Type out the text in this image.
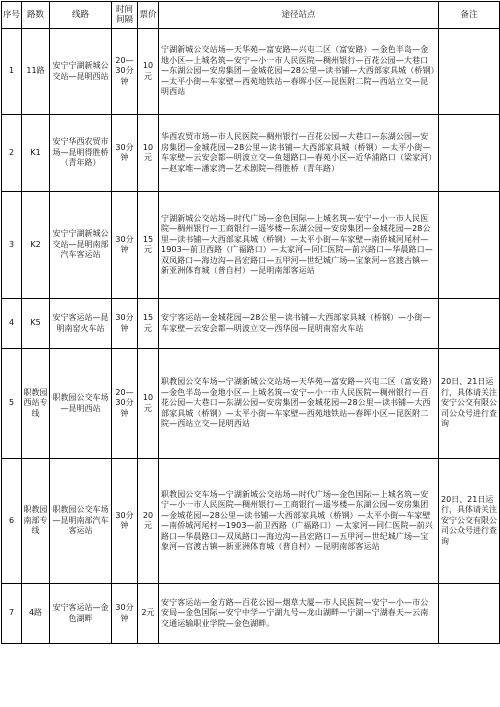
序号	路数	线路	时间间隔	票价	途径站点	备注
1	11路	安宁宁湖新城公交站—昆明西站	20—30分钟	10元	宁湖新城公交站场—天华苑—富安路—兴屯二区（富安路）—金色半岛—金地小区—上城名筑—安宁—小一市人民医院—稠州银行—百花公园—大巷口—东湖公园—安房集团—金城花园—28公里—读书铺—大西部家具城（桥钢）—太平小街—车家壁—西苑地铁站—春晖小区—昆医附二院—西站立交—昆明西站	
2	K1	安宁华西农贸市场—昆明得胜桥（青年路）	30分钟	10元	华西农贸市场—市人民医院—稠州银行—百花公园—大巷口—东湖公园—安房集团—金城花园—28公里—读书铺—大西部家具城（桥钢）—太平小街—车家壁—云安会都—明波立交—鱼翅路口—春苑小区—近华浦路口（梁家河）—赵家堆—潘家湾—艺术剧院—得胜桥（青年路）	
3	K2	安宁宁湖新城公交站—昆明南部汽车客运站	30分钟	15元	宁湖新城公交站场—时代广场—金色国际—上城名筑—安宁—小一市人民医院—稠州银行—工商银行—遥岑楼—东湖公园—安房集团—金城花园—28公里—读书铺—大西部家具城（桥钢）—太平小街—车家壁—南侨城河尾村—1903—前卫西路（广福路口）—太家河—同仁医院—前兴路口—华晨路口—双凤路口—海边沟—昌宏路口—五甲河—世纪城广场—宝象河—官渡古镇—新亚洲体育城（普自村）—昆明南部客运站	
4	K5	安宁客运站—昆明南窑火车站	30分钟	15元	安宁客运站—金城花园—28公里—读书铺—大西部家具城（桥钢）—小街—车家壁—云安会都—明波立交—西华园—昆明南窑火车站	
5	职教园西站专线	职教园公交车场—昆明西站	20—30分钟	10元	职教园公交车场—宁湖新城公交站场—天华苑—富安路—兴屯二区（富安路）—金色半岛—金地小区—上城名筑—安宁—小一市人民医院—稠州银行—百花公园—大巷口—东湖公园—安房集团—金城花园—28公里—读书铺—大西部家具城（桥钢）—太平小街—车家壁—西苑地铁站—春晖小区—昆医附二院—西站立交—昆明西站	20日、21日运行，具体请关注安宁公交有限公司公众号进行查询
6	职教园南部专线	职教园公交车场—昆明南部汽车客运站	30分钟	20元	职教园公交车场—宁湖新城公交站场—时代广场—金色国际—上城名筑—安宁—小一市人民医院—稠州银行—工商银行—遥岑楼—东湖公园—安房集团—金城花园—28公里—读书铺—大西部家具城（桥钢）—太平小街—车家壁—南侨城河尾村—1903—前卫西路（广福路口）—太家河—同仁医院—前兴路口—华晨路口—双凤路口—海边沟—昌宏路口—五甲河—世纪城广场—宝象河—官渡古镇—新亚洲体育城（普自村）—昆明南部客运站	20日、21日运行，具体请关注安宁公交有限公司公众号进行查询
7	4路	安宁客运站—金色湖畔	30分钟	2元	安宁客运站—金方路—百花公园—烟草大厦—市人民医院—安宁—小—市公安局—金色国际—安宁中学—宁湖九号—龙山湖畔—宁湖—宁湖春天—云南交通运输职业学院—金色湖畔。	
